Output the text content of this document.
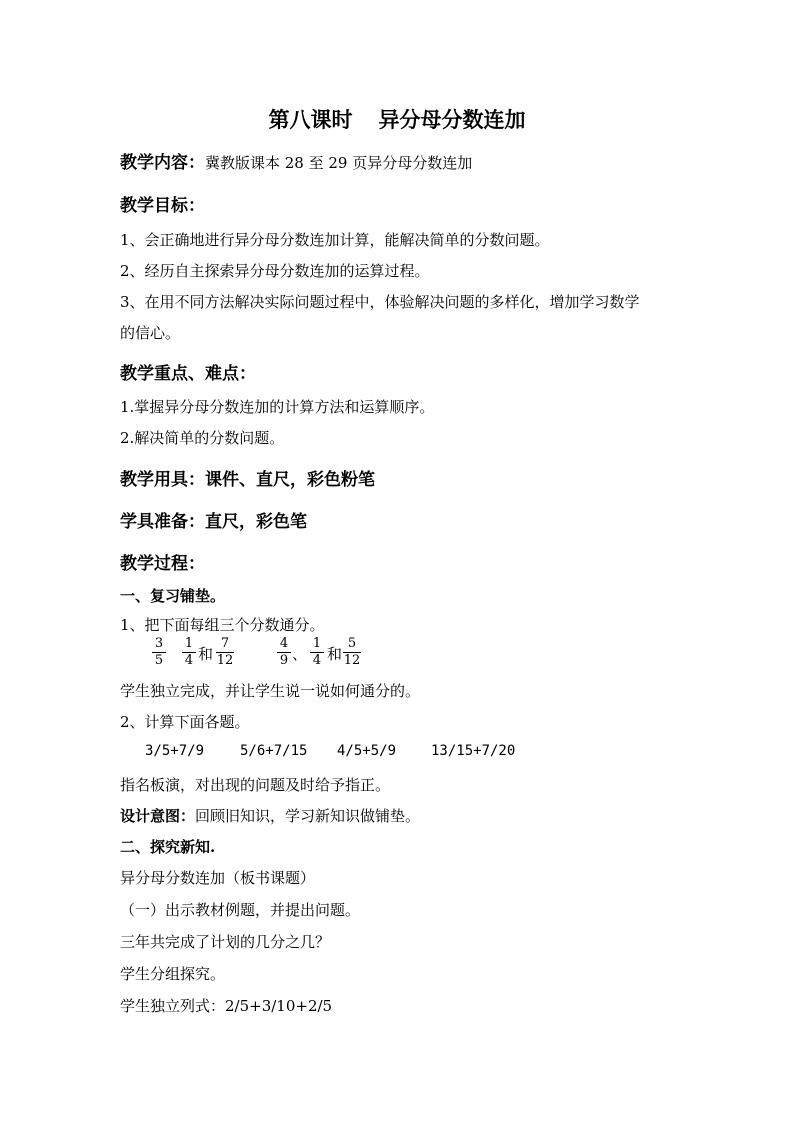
第八课时 异分母分数连加
教学内容：冀教版课本 28 至 29 页异分母分数连加
教学目标：
1、会正确地进行异分母分数连加计算，能解决简单的分数问题。
2、经历自主探索异分母分数连加的运算过程。
3、在用不同方法解决实际问题过程中，体验解决问题的多样化，增加学习数学
的信心。
教学重点、难点：
1.掌握异分母分数连加的计算方法和运算顺序。
2.解决简单的分数问题。
教学用具：课件、直尺，彩色粉笔
学具准备：直尺，彩色笔
教学过程：
一、复习铺垫。
1、把下面每组三个分数通分。
3
5
1
4 和
7
12
4
9 、
1
4 和
5
12
学生独立完成，并让学生说一说如何通分的。
2、计算下面各题。
3/5+7/9	5/6+7/15 4/5+5/9 13/15+7/20
指名板演，对出现的问题及时给予指正。
设计意图：回顾旧知识，学习新知识做铺垫。
二、探究新知.
异分母分数连加（板书课题）
（一）出示教材例题，并提出问题。
三年共完成了计划的几分之几？
学生分组探究。
学生独立列式：2/5+3/10+2/5
